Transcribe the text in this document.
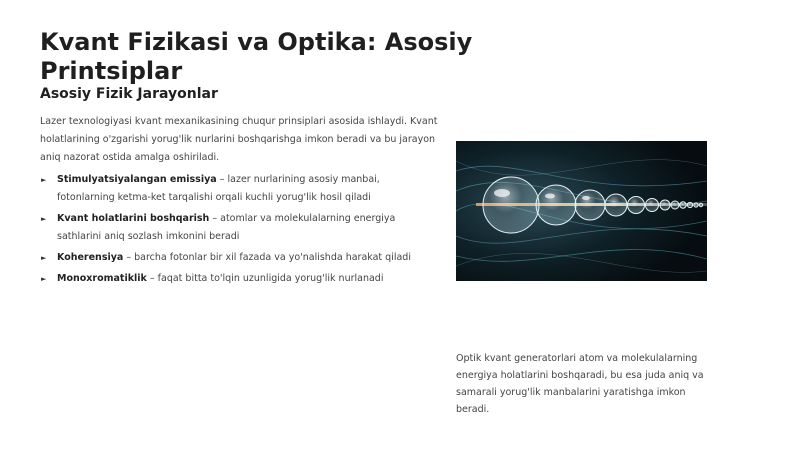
Kvant Fizikasi va Optika: Asosiy Printsiplar
Asosiy Fizik Jarayonlar

Lazer texnologiyasi kvant mexanikasining chuqur prinsiplari asosida ishlaydi. Kvant holatlarining o'zgarishi yorug'lik nurlarini boshqarishga imkon beradi va bu jarayon aniq nazorat ostida amalga oshiriladi.

► Stimulyatsiyalangan emissiya – lazer nurlarining asosiy manbai, fotonlarning ketma-ket tarqalishi orqali kuchli yorug'lik hosil qiladi
► Kvant holatlarini boshqarish – atomlar va molekulalarning energiya sathlarini aniq sozlash imkonini beradi
► Koherensiya – barcha fotonlar bir xil fazada va yo'nalishda harakat qiladi
► Monoxromatiklik – faqat bitta to'lqin uzunligida yorug'lik nurlanadi

Optik kvant generatorlari atom va molekulalarning energiya holatlarini boshqaradi, bu esa juda aniq va samarali yorug'lik manbalarini yaratishga imkon beradi.
